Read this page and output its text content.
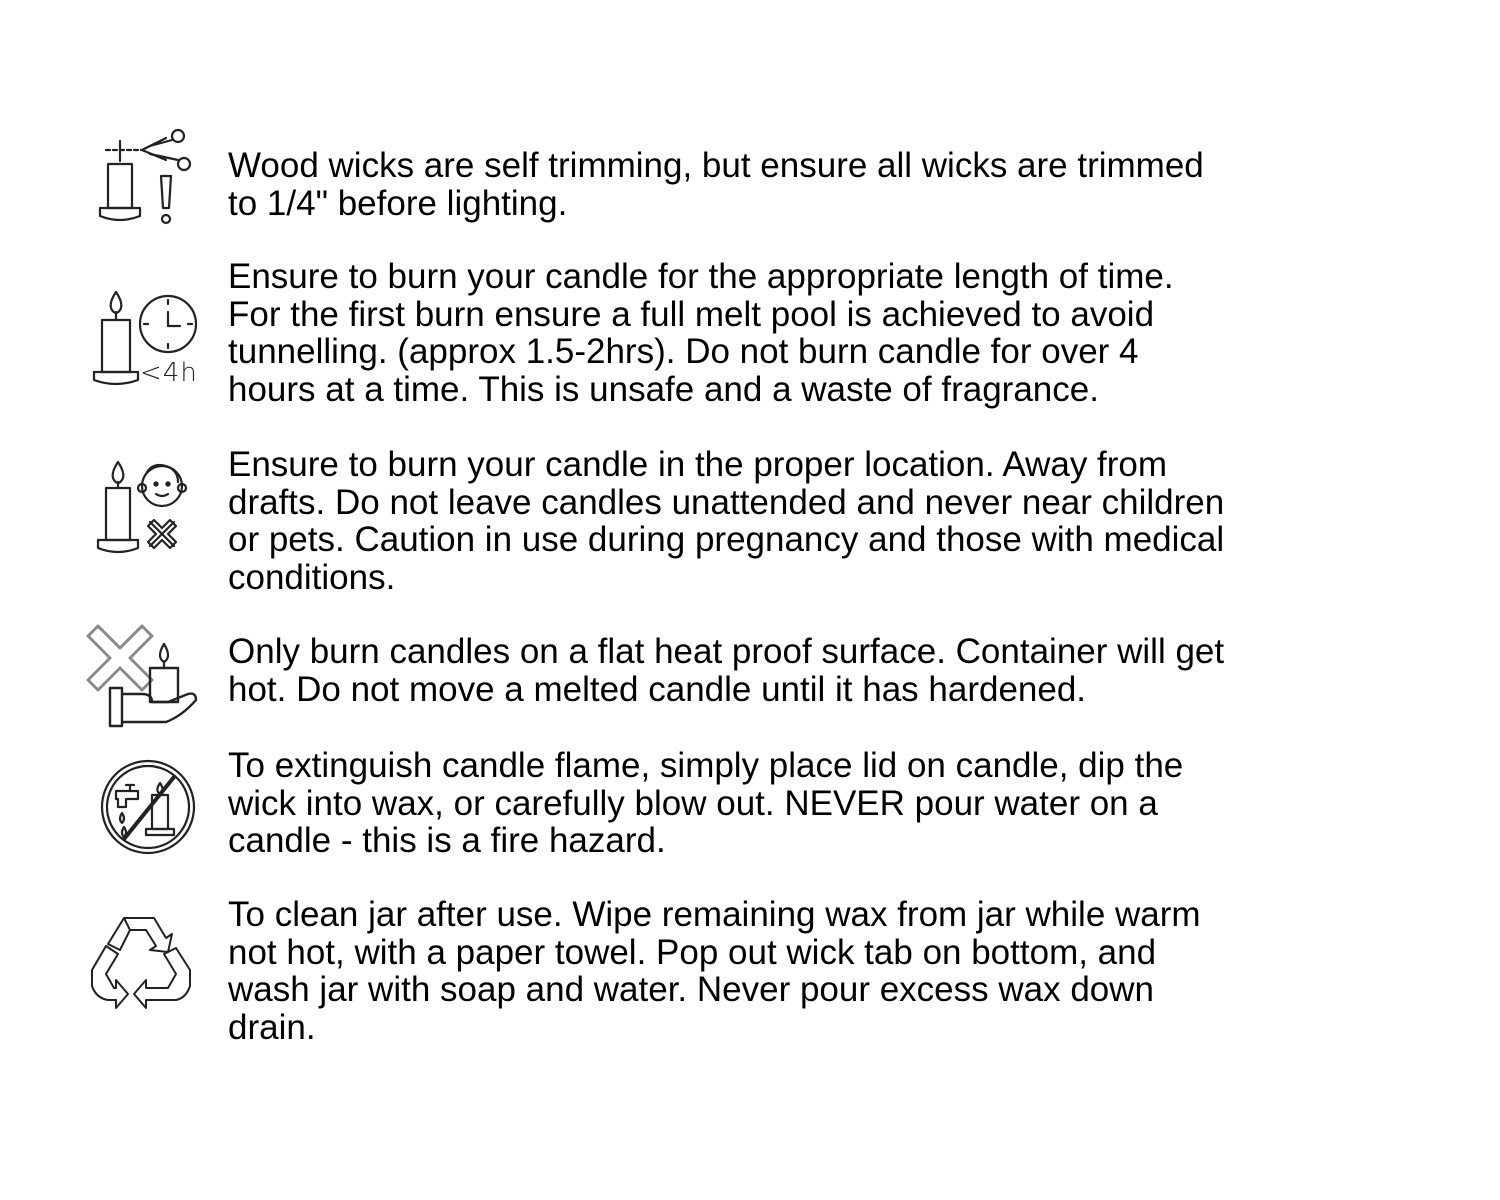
Wood wicks are self trimming, but ensure all wicks are trimmed
to 1/4" before lighting.
<4h
Ensure to burn your candle for the appropriate length of time.
For the first burn ensure a full melt pool is achieved to avoid
tunnelling. (approx 1.5-2hrs). Do not burn candle for over 4
hours at a time. This is unsafe and a waste of fragrance.
Ensure to burn your candle in the proper location. Away from
drafts. Do not leave candles unattended and never near children
or pets. Caution in use during pregnancy and those with medical
conditions.
Only burn candles on a flat heat proof surface. Container will get
hot. Do not move a melted candle until it has hardened.
To extinguish candle flame, simply place lid on candle, dip the
wick into wax, or carefully blow out. NEVER pour water on a
candle - this is a fire hazard.
To clean jar after use. Wipe remaining wax from jar while warm
not hot, with a paper towel. Pop out wick tab on bottom, and
wash jar with soap and water. Never pour excess wax down
drain.
